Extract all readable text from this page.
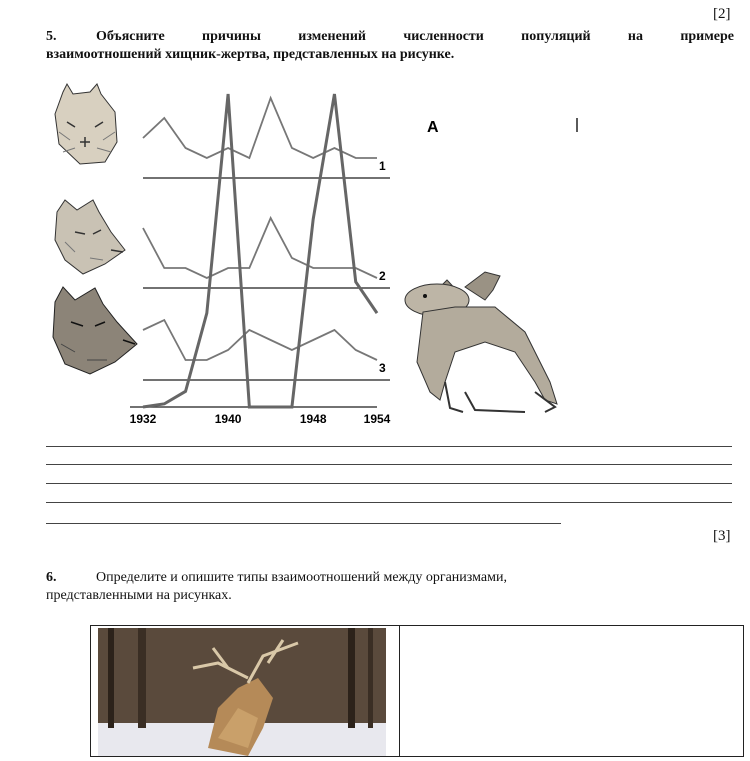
[2]
5.	Объясните причины изменений численности популяций на примере
взаимоотношений хищник-жертва, представленных на рисунке.
1
2
3
1932	1940	1948	1954
A
[3]
6.	Определите и опишите типы взаимоотношений между организмами,
представленными на рисунках.
